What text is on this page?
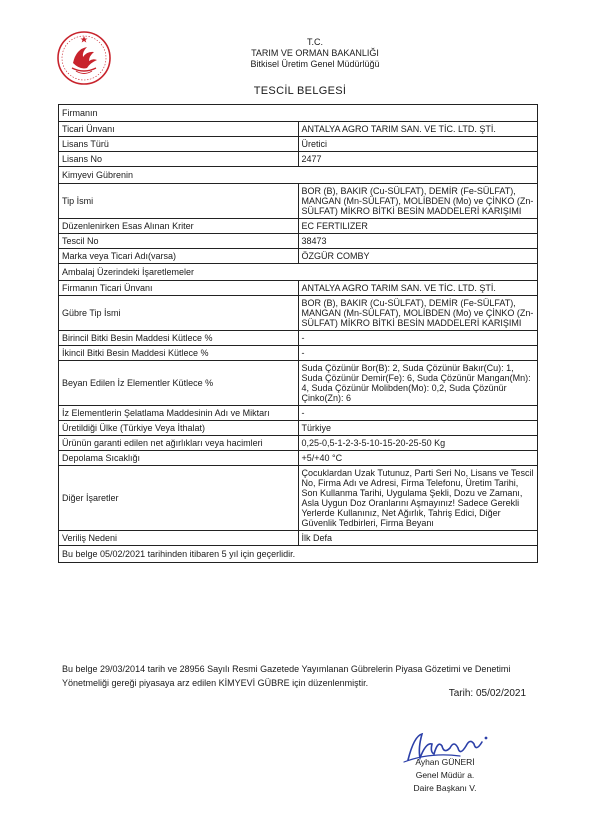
T.C.
TARIM VE ORMAN BAKANLIĞI
Bitkisel Üretim Genel Müdürlüğü
TESCİL BELGESİ
Firmanın	
Ticari Ünvanı	ANTALYA AGRO TARIM SAN. VE TİC. LTD. ŞTİ.
Lisans Türü	Üretici
Lisans No	2477
Kimyevi Gübrenin	
Tip İsmi	BOR (B), BAKIR (Cu-SÜLFAT), DEMİR (Fe-SÜLFAT), MANGAN (Mn-SÜLFAT), MOLİBDEN (Mo) ve ÇİNKO (Zn-SÜLFAT) MİKRO BİTKİ BESİN MADDELERİ KARIŞIMI
Düzenlenirken Esas Alınan Kriter	EC FERTILIZER
Tescil No	38473
Marka veya Ticari Adı(varsa)	ÖZGÜR COMBY
Ambalaj Üzerindeki İşaretlemeler	
Firmanın Ticari Ünvanı	ANTALYA AGRO TARIM SAN. VE TİC. LTD. ŞTİ.
Gübre Tip İsmi	BOR (B), BAKIR (Cu-SÜLFAT), DEMİR (Fe-SÜLFAT), MANGAN (Mn-SÜLFAT), MOLİBDEN (Mo) ve ÇİNKO (Zn-SÜLFAT) MİKRO BİTKİ BESİN MADDELERİ KARIŞIMI
Birincil Bitki Besin Maddesi Kütlece %	-
İkincil Bitki Besin Maddesi Kütlece %	-
Beyan Edilen İz Elementler Kütlece %	Suda Çözünür Bor(B): 2, Suda Çözünür Bakır(Cu): 1, Suda Çözünür Demir(Fe): 6, Suda Çözünür Mangan(Mn): 4, Suda Çözünür Molibden(Mo): 0,2, Suda Çözünür Çinko(Zn): 6
İz Elementlerin Şelatlama Maddesinin Adı ve Miktarı	-
Üretildiği Ülke (Türkiye Veya İthalat)	Türkiye
Ürünün garanti edilen net ağırlıkları veya hacimleri	0,25-0,5-1-2-3-5-10-15-20-25-50 Kg
Depolama Sıcaklığı	+5/+40 °C
Diğer İşaretler	Çocuklardan Uzak Tutunuz, Parti Seri No, Lisans ve Tescil No, Firma Adı ve Adresi, Firma Telefonu, Üretim Tarihi, Son Kullanma Tarihi, Uygulama Şekli, Dozu ve Zamanı, Asla Uygun Doz Oranlarını Aşmayınız! Sadece Gerekli Yerlerde Kullanınız, Net Ağırlık, Tahriş Edici, Diğer Güvenlik Tedbirleri, Firma Beyanı
Veriliş Nedeni	İlk Defa
Bu belge 05/02/2021 tarihinden itibaren 5 yıl için geçerlidir.	
Bu belge 29/03/2014 tarih ve 28956 Sayılı Resmi Gazetede Yayımlanan Gübrelerin Piyasa Gözetimi ve Denetimi Yönetmeliği gereği piyasaya arz edilen KİMYEVİ GÜBRE için düzenlenmiştir.
Tarih: 05/02/2021
Ayhan GÜNERİ
Genel Müdür a.
Daire Başkanı V.
